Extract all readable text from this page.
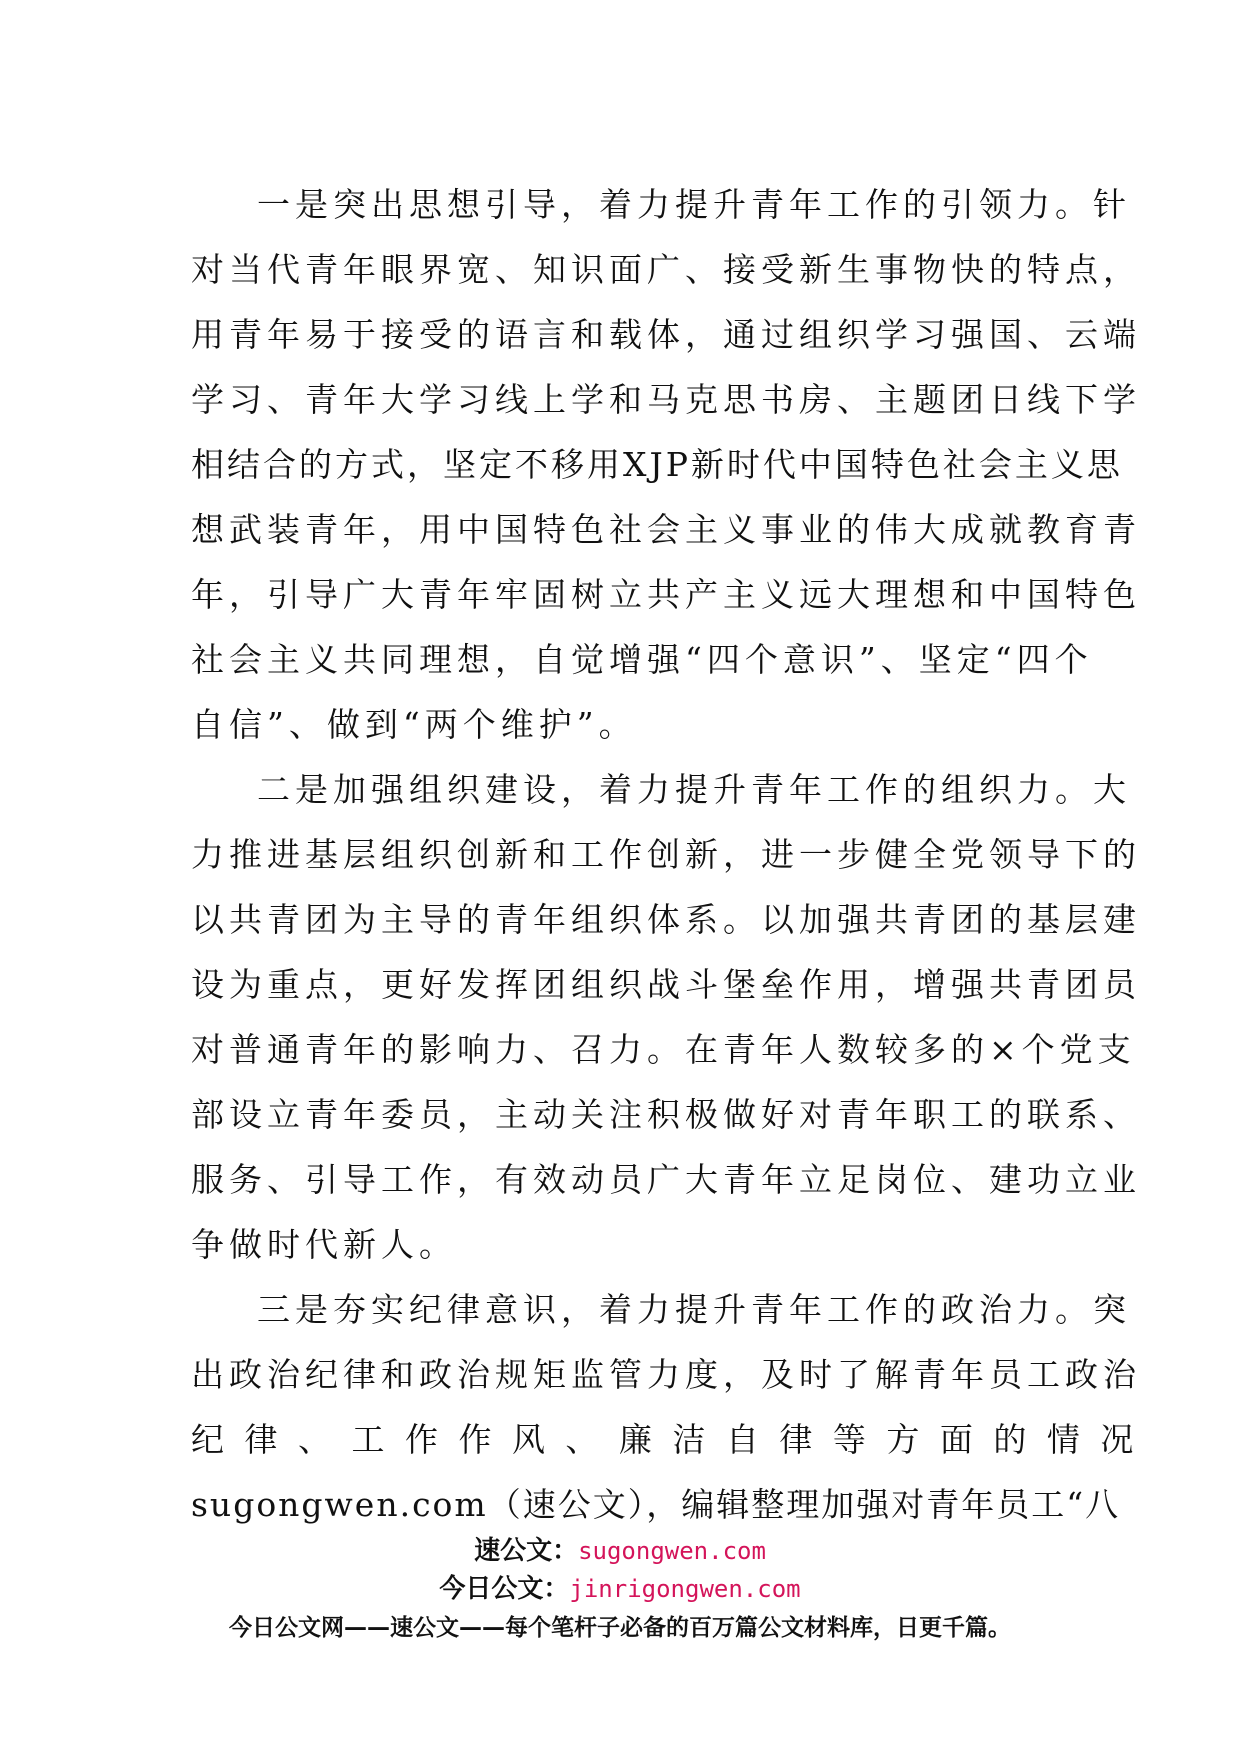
一是突出思想引导，着力提升青年工作的引领力。针
对当代青年眼界宽、知识面广、接受新生事物快的特点，
用青年易于接受的语言和载体，通过组织学习强国、云端
学习、青年大学习线上学和马克思书房、主题团日线下学
相结合的方式，坚定不移用XJP新时代中国特色社会主义思
想武装青年，用中国特色社会主义事业的伟大成就教育青
年，引导广大青年牢固树立共产主义远大理想和中国特色
社会主义共同理想，自觉增强“四个意识”、坚定“四个
自信”、做到“两个维护”。
二是加强组织建设，着力提升青年工作的组织力。大
力推进基层组织创新和工作创新，进一步健全党领导下的
以共青团为主导的青年组织体系。以加强共青团的基层建
设为重点，更好发挥团组织战斗堡垒作用，增强共青团员
对普通青年的影响力、召力。在青年人数较多的×个党支
部设立青年委员，主动关注积极做好对青年职工的联系、
服务、引导工作，有效动员广大青年立足岗位、建功立业
争做时代新人。
三是夯实纪律意识，着力提升青年工作的政治力。突
出政治纪律和政治规矩监管力度，及时了解青年员工政治
纪 律 、 工 作 作 风 、 廉 洁 自 律 等 方 面 的 情 况
sugongwen.com（速公文），编辑整理加强对青年员工“八
速公文：sugongwen.com
今日公文：jinrigongwen.com
今日公文网——速公文——每个笔杆子必备的百万篇公文材料库，日更千篇。
